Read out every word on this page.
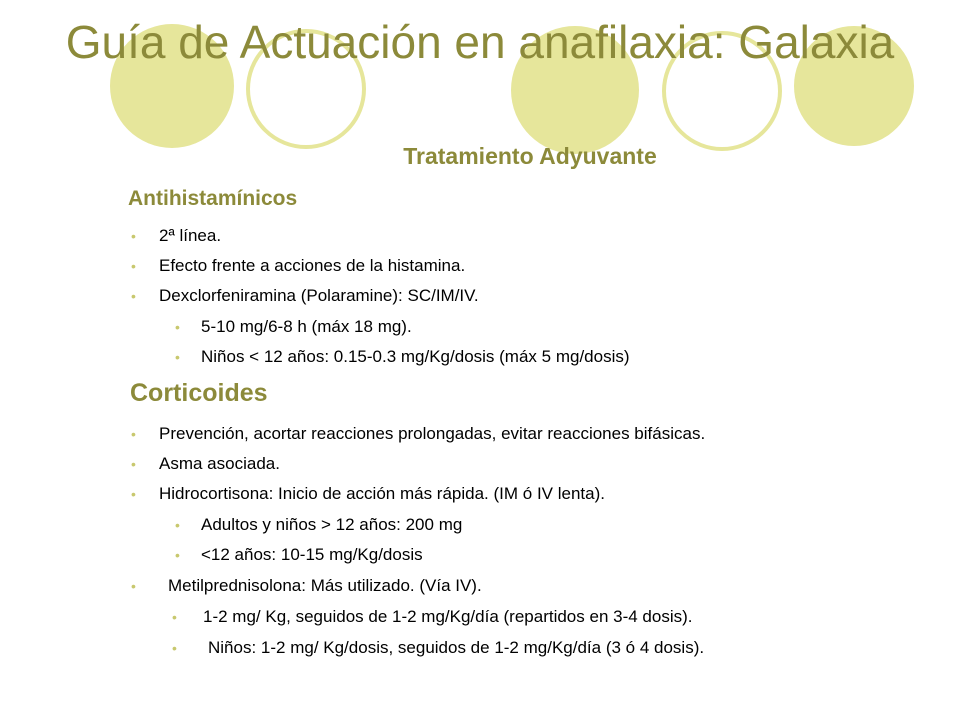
Guía de Actuación en anafilaxia: Galaxia
Tratamiento Adyuvante
Antihistamínicos
• 2ª línea.
• Efecto frente a acciones de la histamina.
• Dexclorfeniramina (Polaramine): SC/IM/IV.
• 5-10 mg/6-8 h (máx 18 mg).
• Niños < 12 años: 0.15-0.3 mg/Kg/dosis (máx 5 mg/dosis)
Corticoides
• Prevención, acortar reacciones prolongadas, evitar reacciones bifásicas.
• Asma asociada.
• Hidrocortisona: Inicio de acción más rápida. (IM ó IV lenta).
• Adultos y niños > 12 años: 200 mg
• <12 años: 10-15 mg/Kg/dosis
• Metilprednisolona: Más utilizado. (Vía IV).
• 1-2 mg/ Kg, seguidos de 1-2 mg/Kg/día (repartidos en 3-4 dosis).
• Niños: 1-2 mg/ Kg/dosis, seguidos de 1-2 mg/Kg/día (3 ó 4 dosis).
